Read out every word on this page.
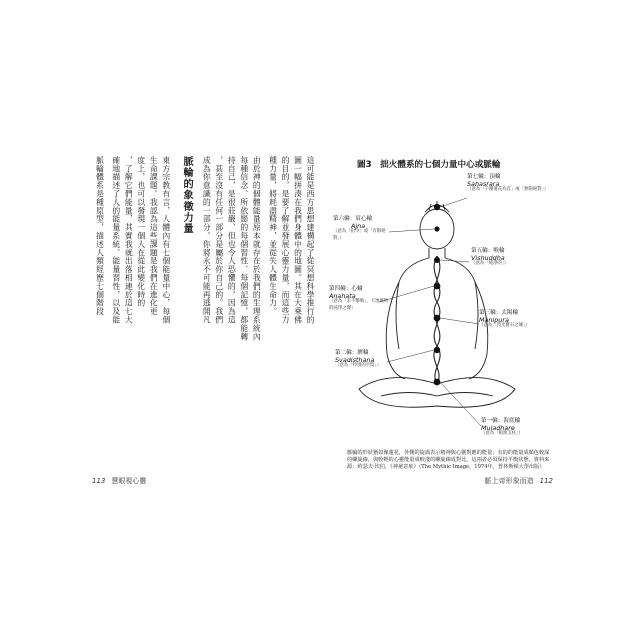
這可能是西方思想建構起了從冥想科學推行的
圖一幅拼湊在我們身體中的地圖。其在大乘佛
的目的，是要了解並發展心靈力量，而這些力
種力量，將耗盡精神，並從失人體生命力。
由於神的個體能量原本就存在於我們的生理系統內
每種信念、所依戀的每個習性、每個記憶，都能轉
持自己，是很莊嚴、但也令人恐懼的。因為這
，甚至沒有任何一部分是屬於你自己的。我們
成為你意識的一部分。你將永不可能再逃開凡
脈輪的象徵力量
東方宗教有言，人體內有七個能量中心，每個
生命課題。我認為這些課題是我們在進化更
度上，也可以發現一個人在從此變化時的
，了解它們能量，其實我就出落相連於這七大
確地描述了人的能量系統、能量習性，以及能
脈輪體系是種原型，描述人類經歷七個階段
113 慧眼視心靈
圖3　拙火體系的七個力量中心或脈輪
第七輪：頂輪
Sahasrara
（意為「千瓣蓮花為首」或「無限絕對」）
第六輪：眉心輪
Ajna
（意為「指令」或「有限絕對」）
第五輪：喉輪
Vishuddha
（意為「純淨的」）
第四輪：心輪
Anahata
（意為「未不擊鳴」，天地萬物的純淨之聲）
第三輪：太陽輪
Manipura
（意為「閃光寶石之城」）
第二輪：臍輪
Svadisthana
（意為「特別的空間」）
第一輪：海底輪
Muladhare
（意為「根源支柱」）
脈輪的形狀猶如像蓮花，外側的旋渦表示精神與心靈對應的能量；有的的能量成顏色較深的螺旋線，與較輕的心靈能量成較淺的螺旋線成對比，這兩者必須保持平衡狀態。資料來源：約瑟夫·坎伯，《神祕意象》（The Mythic Image，1974年，普林斯頓大學出版）
脈上帝形象而造 112
